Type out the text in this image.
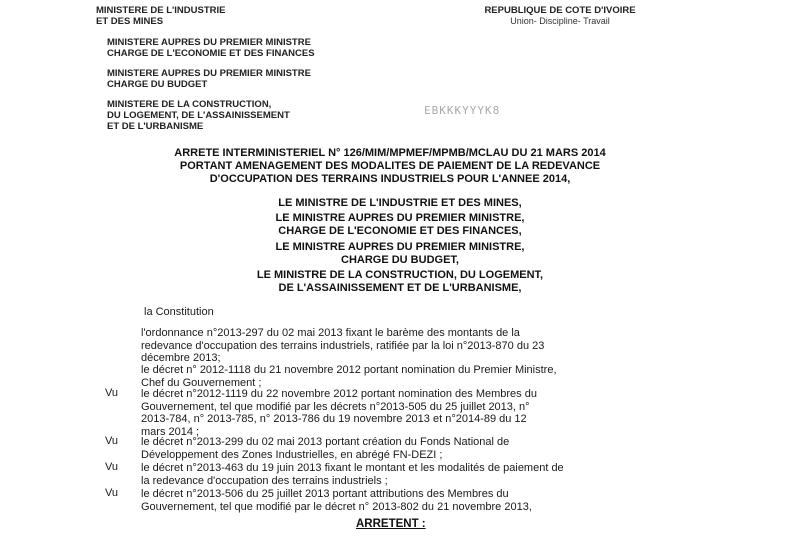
MINISTERE DE L'INDUSTRIE
ET DES MINES
MINISTERE AUPRES DU PREMIER MINISTRE
CHARGE DE L'ECONOMIE ET DES FINANCES
MINISTERE AUPRES DU PREMIER MINISTRE
CHARGE DU BUDGET
MINISTERE DE LA CONSTRUCTION,
DU LOGEMENT, DE L'ASSAINISSEMENT
ET DE L'URBANISME
REPUBLIQUE DE COTE D'IVOIRE
Union- Discipline- Travail
EBKKKYYYK8
ARRETE INTERMINISTERIEL N° 126/MIM/MPMEF/MPMB/MCLAU DU 21 MARS 2014
PORTANT AMENAGEMENT DES MODALITES DE PAIEMENT DE LA REDEVANCE
D'OCCUPATION DES TERRAINS INDUSTRIELS POUR L'ANNEE 2014,
LE MINISTRE DE L'INDUSTRIE ET DES MINES,
LE MINISTRE AUPRES DU PREMIER MINISTRE,
CHARGE DE L'ECONOMIE ET DES FINANCES,
LE MINISTRE AUPRES DU PREMIER MINISTRE,
CHARGE DU BUDGET,
LE MINISTRE DE LA CONSTRUCTION, DU LOGEMENT,
DE L'ASSAINISSEMENT ET DE L'URBANISME,
la Constitution
l'ordonnance n°2013-297 du 02 mai 2013 fixant le barème des montants de la
redevance d'occupation des terrains industriels, ratifiée par la loi n°2013-870 du 23
décembre 2013;
le décret n° 2012-1118 du 21 novembre 2012 portant nomination du Premier Ministre,
Chef du Gouvernement ;
Vu le décret n°2012-1119 du 22 novembre 2012 portant nomination des Membres du
Gouvernement, tel que modifié par les décrets n°2013-505 du 25 juillet 2013, n°
2013-784, n° 2013-785, n° 2013-786 du 19 novembre 2013 et n°2014-89 du 12
mars 2014 ;
Vu le décret n°2013-299 du 02 mai 2013 portant création du Fonds National de
Développement des Zones Industrielles, en abrégé FN-DEZI ;
Vu le décret n°2013-463 du 19 juin 2013 fixant le montant et les modalités de paiement de
la redevance d'occupation des terrains industriels ;
Vu le décret n°2013-506 du 25 juillet 2013 portant attributions des Membres du
Gouvernement, tel que modifié par le décret n° 2013-802 du 21 novembre 2013,
ARRETENT :
